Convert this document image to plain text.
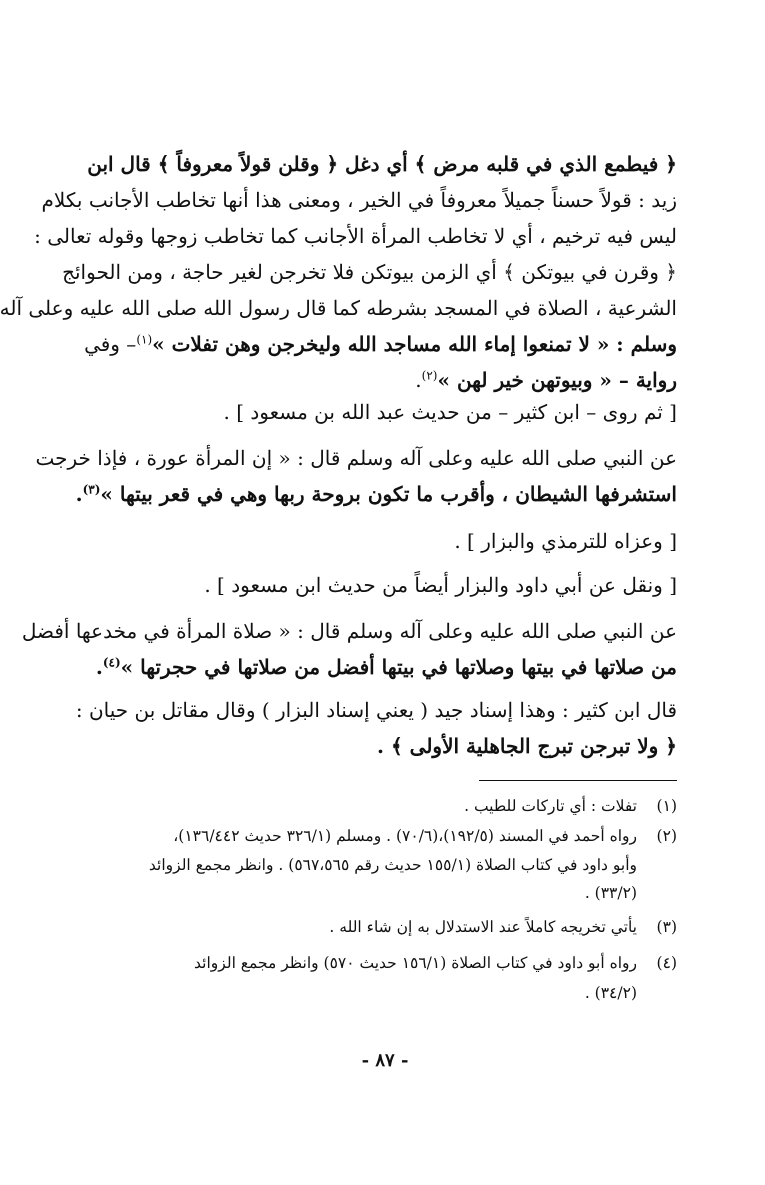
﴿ فيطمع الذي في قلبه مرض ﴾ أي دغل ﴿ وقلن قولاً معروفاً ﴾ قال ابن
زيد : قولاً حسناً جميلاً معروفاً في الخير ، ومعنى هذا أنها تخاطب الأجانب بكلام
ليس فيه ترخيم ، أي لا تخاطب المرأة الأجانب كما تخاطب زوجها وقوله تعالى :
﴿ وقرن في بيوتكن ﴾ أي الزمن بيوتكن فلا تخرجن لغير حاجة ، ومن الحوائج
الشرعية ، الصلاة في المسجد بشرطه كما قال رسول الله صلى الله عليه وعلى آله
وسلم : « لا تمنعوا إماء الله مساجد الله وليخرجن وهن تفلات »$^{(١)}$– وفي
رواية – « وبيوتهن خير لهن »$^{(٢)}$.
[ ثم روى – ابن كثير – من حديث عبد الله بن مسعود ] .
عن النبي صلى الله عليه وعلى آله وسلم قال : « إن المرأة عورة ، فإذا خرجت
استشرفها الشيطان ، وأقرب ما تكون بروحة ربها وهي في قعر بيتها »$^{(٣)}$.
[ وعزاه للترمذي والبزار ] .
[ ونقل عن أبي داود والبزار أيضاً من حديث ابن مسعود ] .
عن النبي صلى الله عليه وعلى آله وسلم قال : « صلاة المرأة في مخدعها أفضل
من صلاتها في بيتها وصلاتها في بيتها أفضل من صلاتها في حجرتها »$^{(٤)}$.
قال ابن كثير : وهذا إسناد جيد ( يعني إسناد البزار ) وقال مقاتل بن حيان :
﴿ ولا تبرجن تبرج الجاهلية الأولى ﴾ .
(١)تفلات : أي تاركات للطيب .
(٢)رواه أحمد في المسند (١٩٢/٥)،(٧٠/٦) . ومسلم (٣٢٦/١ حديث ١٣٦/٤٤٢)،
وأبو داود في كتاب الصلاة (١٥٥/١ حديث رقم ٥٦٧،٥٦٥) . وانظر مجمع الزوائد
(٣٣/٢) .
(٣)يأتي تخريجه كاملاً عند الاستدلال به إن شاء الله .
(٤)رواه أبو داود في كتاب الصلاة (١٥٦/١ حديث ٥٧٠) وانظر مجمع الزوائد
(٣٤/٢) .
- ٨٧ -
